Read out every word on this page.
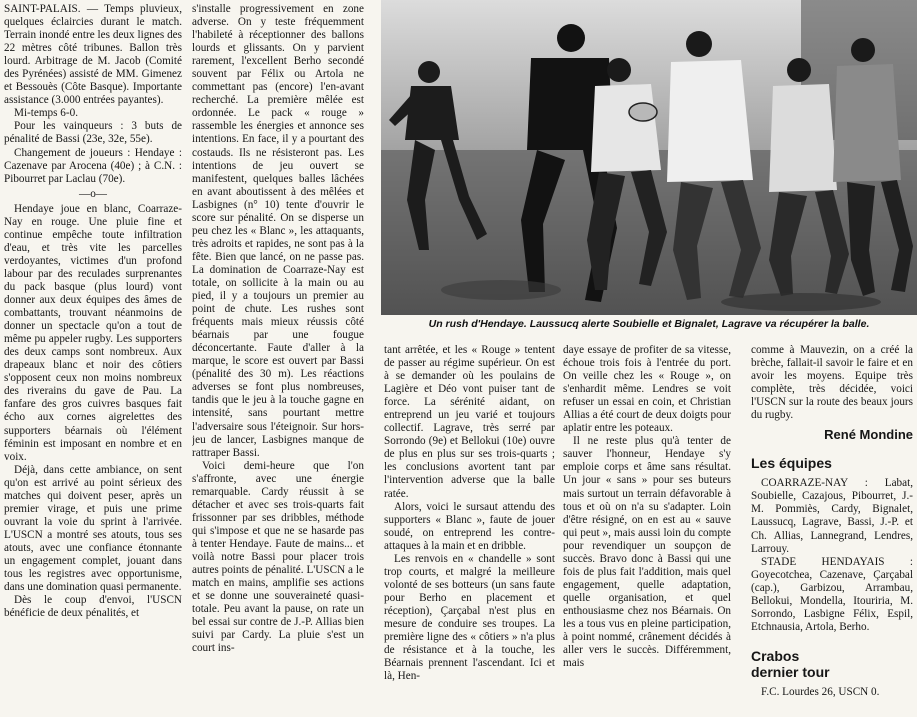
SAINT-PALAIS. — Temps pluvieux, quelques éclaircies durant le match. Terrain inondé entre les deux lignes des 22 mètres côté tribunes. Ballon très lourd. Arbitrage de M. Jacob (Comité des Pyrénées) assisté de MM. Gimenez et Bessouès (Côte Basque). Importante assistance (3.000 entrées payantes).

Mi-temps 6-0.

Pour les vainqueurs : 3 buts de pénalité de Bassi (23e, 32e, 55e).

Changement de joueurs : Hendaye : Cazenave par Arocena (40e) ; à C.N. : Pibourret par Laclau (70e).

—o—

Hendaye joue en blanc, Coarraze-Nay en rouge. Une pluie fine et continue empêche toute infiltration d'eau, et très vite les parcelles verdoyantes, victimes d'un profond labour par des reculades surprenantes du pack basque (plus lourd) vont donner aux deux équipes des âmes de combattants, trouvant néanmoins de donner un spectacle qu'on a tout de même pu appeler rugby. Les supporters des deux camps sont nombreux. Aux drapeaux blanc et noir des côtiers s'opposent ceux non moins nombreux des riverains du gave de Pau. La fanfare des gros cuivres basques fait écho aux cornes aigrelettes des supporters béarnais où l'élément féminin est imposant en nombre et en voix.

Déjà, dans cette ambiance, on sent qu'on est arrivé au point sérieux des matches qui doivent peser, après un premier virage, et puis une prime ouvrant la voie du sprint à l'arrivée. L'USCN a montré ses atouts, tous ses atouts, avec une confiance étonnante un engagement complet, jouant dans tous les registres avec opportunisme, dans une domination quasi permanente.

Dès le coup d'envoi, l'USCN bénéficie de deux pénalités, et

s'installe progressivement en zone adverse. On y teste fréquemment l'habileté à réceptionner des ballons lourds et glissants. On y parvient rarement, l'excellent Berho secondé souvent par Félix ou Artola ne commettant pas (encore) l'en-avant recherché. La première mêlée est ordonnée. Le pack « rouge » rassemble les énergies et annonce ses intentions. En face, il y a pourtant des costauds. Ils ne résisteront pas. Les intentions de jeu ouvert se manifestent, quelques balles lâchées en avant aboutissent à des mêlées et Lasbignes (n° 10) tente d'ouvrir le score sur pénalité. On se disperse un peu chez les « Blanc », les attaquants, très adroits et rapides, ne sont pas à la fête. Bien que lancé, on ne passe pas. La domination de Coarraze-Nay est totale, on sollicite à la main ou au pied, il y a toujours un premier au point de chute. Les rushes sont fréquents mais mieux réussis côté béarnais par une fougue déconcertante. Faute d'aller à la marque, le score est ouvert par Bassi (pénalité des 30 m). Les réactions adverses se font plus nombreuses, tandis que le jeu à la touche gagne en intensité, sans pourtant mettre l'adversaire sous l'éteignoir. Sur hors-jeu de lancer, Lasbignes manque de rattraper Bassi.

Voici demi-heure que l'on s'affronte, avec une énergie remarquable. Cardy réussit à se détacher et avec ses trois-quarts fait frissonner par ses dribbles, méthode qui s'impose et que ne se hasarde pas à tenter Hendaye. Faute de mains... et voilà notre Bassi pour placer trois autres points de pénalité. L'USCN a le match en mains, amplifie ses actions et se donne une souveraineté quasi-totale. Peu avant la pause, on rate un bel essai sur contre de J.-P. Allias bien suivi par Cardy. La pluie s'est un court ins-

Un rush d'Hendaye. Laussucq alerte Soubielle et Bignalet, Lagrave va récupérer la balle.

tant arrêtée, et les « Rouge » tentent de passer au régime supérieur. On est à se demander où les poulains de Lagière et Déo vont puiser tant de force. La sérénité aidant, on entreprend un jeu varié et toujours collectif. Lagrave, très serré par Sorrondo (9e) et Bellokui (10e) ouvre de plus en plus sur ses trois-quarts ; les conclusions avortent tant par l'intervention adverse que la balle ratée.

Alors, voici le sursaut attendu des supporters « Blanc », faute de jouer soudé, on entreprend les contre-attaques à la main et en dribble.

Les renvois en « chandelle » sont trop courts, et malgré la meilleure volonté de ses botteurs (un sans faute pour Berho en placement et réception), Çarçabal n'est plus en mesure de conduire ses troupes. La première ligne des « côtiers » n'a plus de résistance et à la touche, les Béarnais prennent l'ascendant. Ici et là, Hen-

daye essaye de profiter de sa vitesse, échoue trois fois à l'entrée du port. On veille chez les « Rouge », on s'enhardit même. Lendres se voit refuser un essai en coin, et Christian Allias a été court de deux doigts pour aplatir entre les poteaux.

Il ne reste plus qu'à tenter de sauver l'honneur, Hendaye s'y emploie corps et âme sans résultat. Un jour « sans » pour ses buteurs mais surtout un terrain défavorable à tous et où on n'a su s'adapter. Loin d'être résigné, on en est au « sauve qui peut », mais aussi loin du compte pour revendiquer un soupçon de succès. Bravo donc à Bassi qui une fois de plus fait l'addition, mais quel engagement, quelle adaptation, quelle organisation, et quel enthousiasme chez nos Béarnais. On les a tous vus en pleine participation, à point nommé, crânement décidés à aller vers le succès. Différemment, mais

comme à Mauvezin, on a créé la brèche, fallait-il savoir le faire et en avoir les moyens. Equipe très complète, très décidée, voici l'USCN sur la route des beaux jours du rugby.

René Mondine
Les équipes

COARRAZE-NAY : Labat, Soubielle, Cazajous, Pibourret, J.-M. Pommiès, Cardy, Bignalet, Laussucq, Lagrave, Bassi, J.-P. et Ch. Allias, Lannegrand, Lendres, Larrouy.

STADE HENDAYAIS : Goyecotchea, Cazenave, Çarçabal (cap.), Garbizou, Arrambau, Bellokui, Mondella, Itouriria, M. Sorrondo, Lasbigne Félix, Espil, Etchnausia, Artola, Berho.

Crabos
dernier tour

F.C. Lourdes 26, USCN 0.
